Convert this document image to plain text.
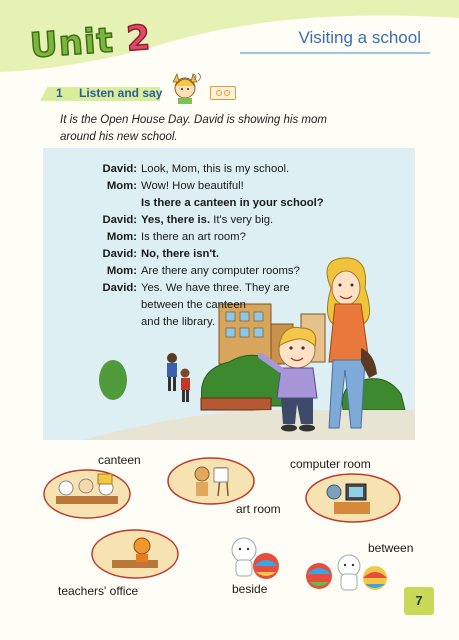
Unit 2	Visiting a school
1 Listen and say
It is the Open House Day. David is showing his mom around his new school.
David: Look, Mom, this is my school.
Mom: Wow! How beautiful!
Is there a canteen in your school?
David: Yes, there is. It's very big.
Mom: Is there an art room?
David: No, there isn't.
Mom: Are there any computer rooms?
David: Yes. We have three. They are
between the canteen
and the library.
canteen
art room
computer room
teachers' office	beside
between
7
